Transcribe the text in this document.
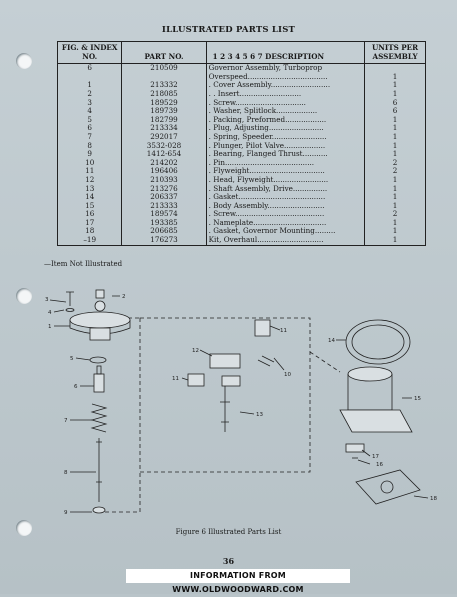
ILLUSTRATED PARTS LIST
FIG. & INDEX NO.	PART NO.	1 2 3 4 5 6 7 DESCRIPTION	UNITS PER ASSEMBLY
6	210509	Governor Assembly, Turboprop	
		Overspeed...................................	1
1	213332	. Cover Assembly..........................	1
2	218085	. . Insert...........................	1
3	189529	. Screw...............................	6
4	189739	. Washer, Splitlock..................	6
5	182799	. Packing, Preformed..................	1
6	213334	. Plug, Adjusting........................	1
7	292017	. Spring, Speeder........................	1
8	3532-028	. Plunger, Pilot Valve..................	1
9	1412-654	. Bearing, Flanged Thrust...........	1
10	214202	. Pin.......................................	2
11	196406	. Flyweight.................................	2
12	210393	. Head, Flyweight........................	1
13	213276	. Shaft Assembly, Drive...............	1
14	206337	. Gasket......................................	1
15	213333	. Body Assembly.........................	1
16	189574	. Screw.......................................	2
17	193385	. Nameplate................................	1
18	206685	. Gasket, Governor Mounting.........	1
–19	176273	Kit, Overhaul.............................	1
—Item Not Illustrated
3	2
4
1
5
6
7
8
9
10
11
11
12
13
14
15
16
17
18
Figure 6 Illustrated Parts List
36
INFORMATION FROM WWW.OLDWOODWARD.COM
